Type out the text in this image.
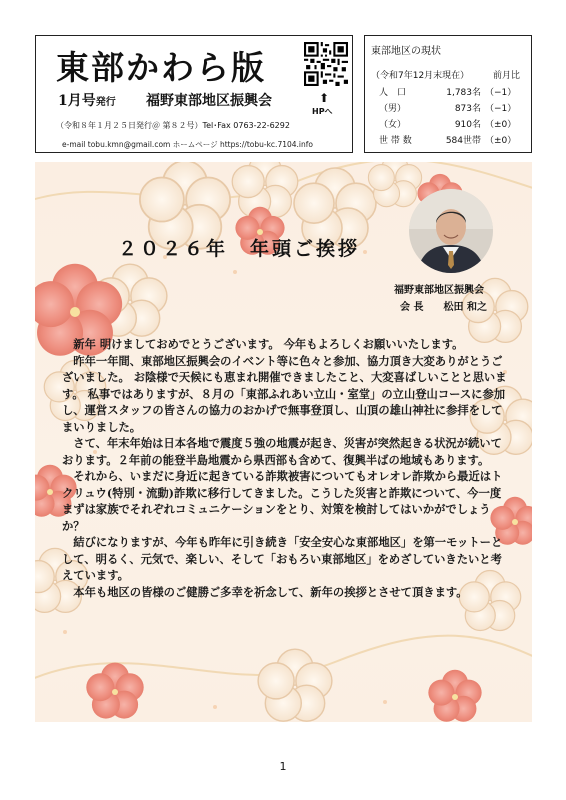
東部かわら版
1月号発行 福野東部地区振興会
（令和８年１月２５日発行＠ 第８２号）Tel･Fax 0763-22-6292
e-mail tobu.kmn@gmail.com ホームページ https://tobu-kc.7104.info
⬆
HPへ
東部地区の現状
（令和7年12月末現在）	前月比
人　口	1,783名 （−1）
（男）	873名 （−1）
（女）	910名 （±0）
世 帯 数	584世帯 （±0）
２０２６年　年頭ご挨拶
福野東部地区振興会
会 長　　松田 和之

新年 明けましておめでとうございます。 今年もよろしくお願いいたします。

昨年一年間、東部地区振興会のイベント等に色々と参加、協力頂き大変ありがとうございました。 お陰様で天候にも恵まれ開催できましたこと、大変喜ばしいことと思います。 私事ではありますが、８月の「東部ふれあい立山・室堂」の立山登山コースに参加し、運営スタッフの皆さんの協力のおかげで無事登頂し、山頂の雄山神社に参拝をしてまいりました。

さて、年末年始は日本各地で震度５強の地震が起き、災害が突然起きる状況が続いております。２年前の能登半島地震から県西部も含めて、復興半ばの地域もあります。

それから、いまだに身近に起きている詐欺被害についてもオレオレ詐欺から最近はトクリュウ(特別・流動)詐欺に移行してきました。こうした災害と詐欺について、今一度まずは家族でそれぞれコミュニケーションをとり、対策を検討してはいかがでしょうか？

結びになりますが、今年も昨年に引き続き「安全安心な東部地区」を第一モットーとして、明るく、元気で、楽しい、そして「おもろい東部地区」をめざしていきたいと考えています。

本年も地区の皆様のご健勝ご多幸を祈念して、新年の挨拶とさせて頂きます。

1
